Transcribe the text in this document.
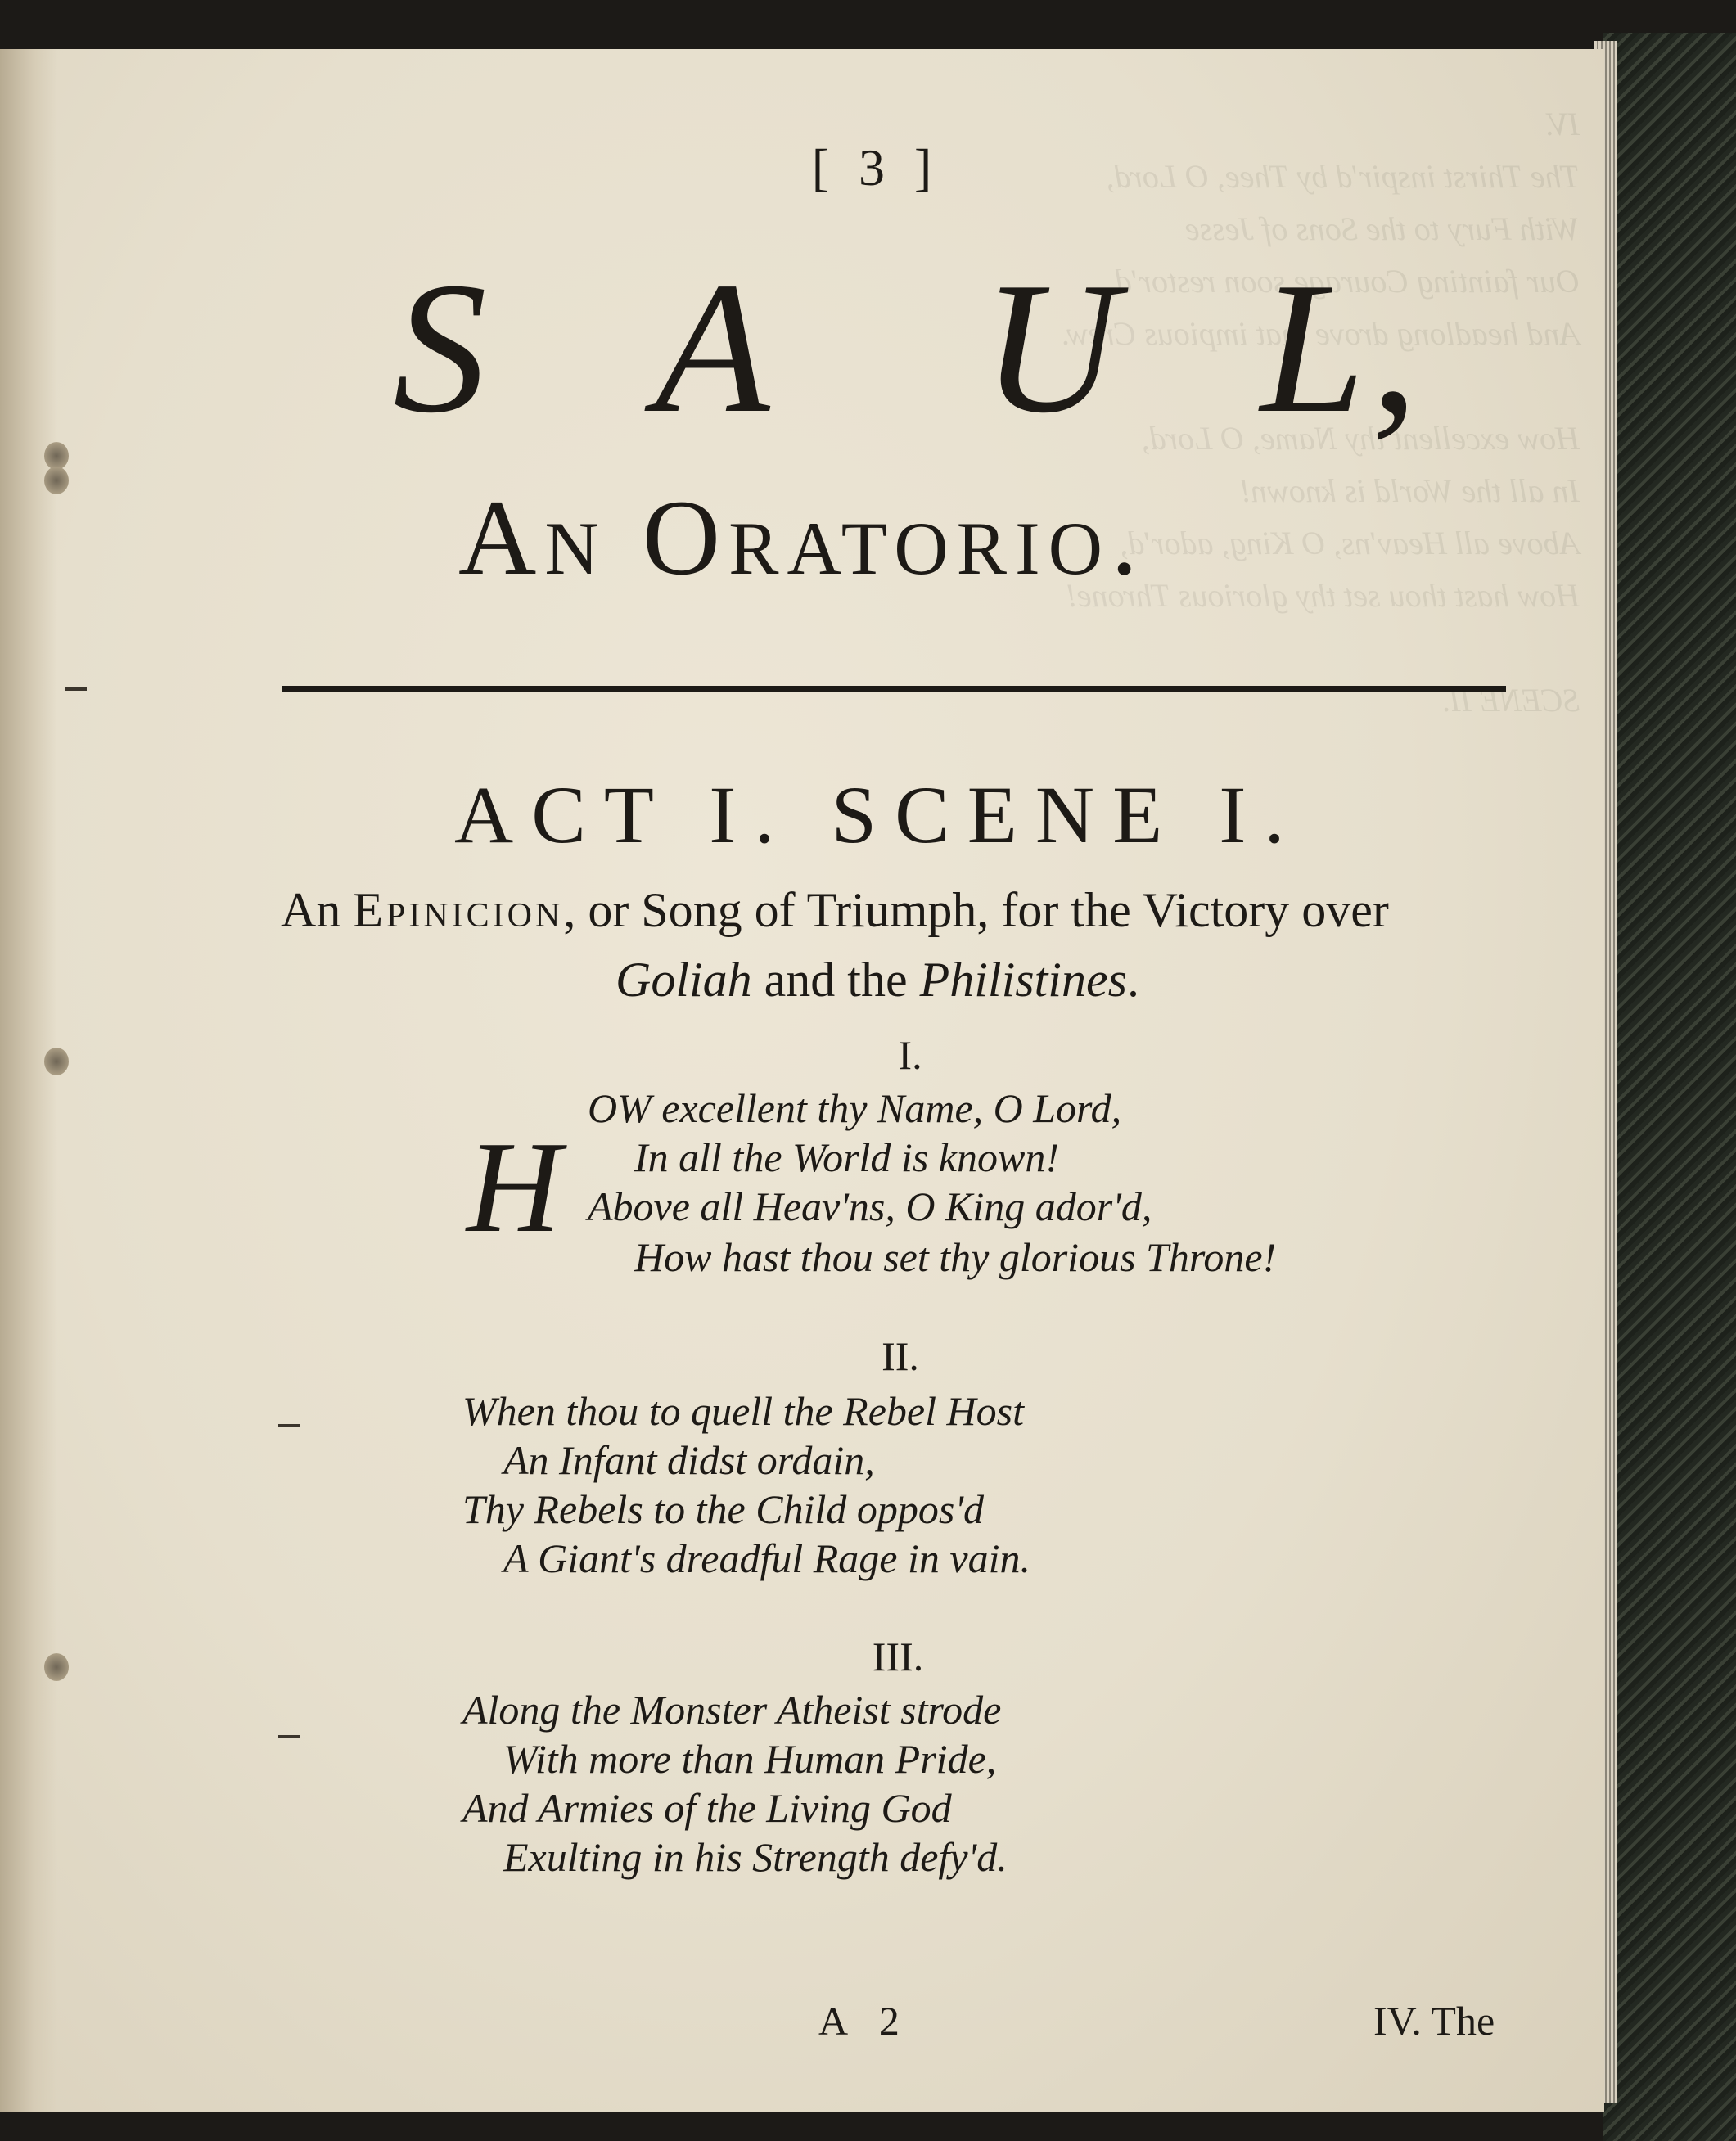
IV.
The Thirst inspir'd by Thee, O Lord,
With Fury to the Sons of Jesse
Our fainting Courage soon restor'd,
And headlong drove that impious Crew.

How excellent thy Name, O Lord,
In all the World is known!
Above all Heav'ns, O King, ador'd,
How hast thou set thy glorious Throne!

SCENE II.
[ 3 ]
S A U L ,
An Oratorio.
ACT I. SCENE I.
An Epinicion, or Song of Triumph, for the Victory over
Goliah and the Philistines.
I.
H
OW excellent thy Name, O Lord,
In all the World is known!
Above all Heav'ns, O King ador'd,
How hast thou set thy glorious Throne!
II.
When thou to quell the Rebel Host
An Infant didst ordain,
Thy Rebels to the Child oppos'd
A Giant's dreadful Rage in vain.
III.
Along the Monster Atheist strode
With more than Human Pride,
And Armies of the Living God
Exulting in his Strength defy'd.
A 2	IV. The
